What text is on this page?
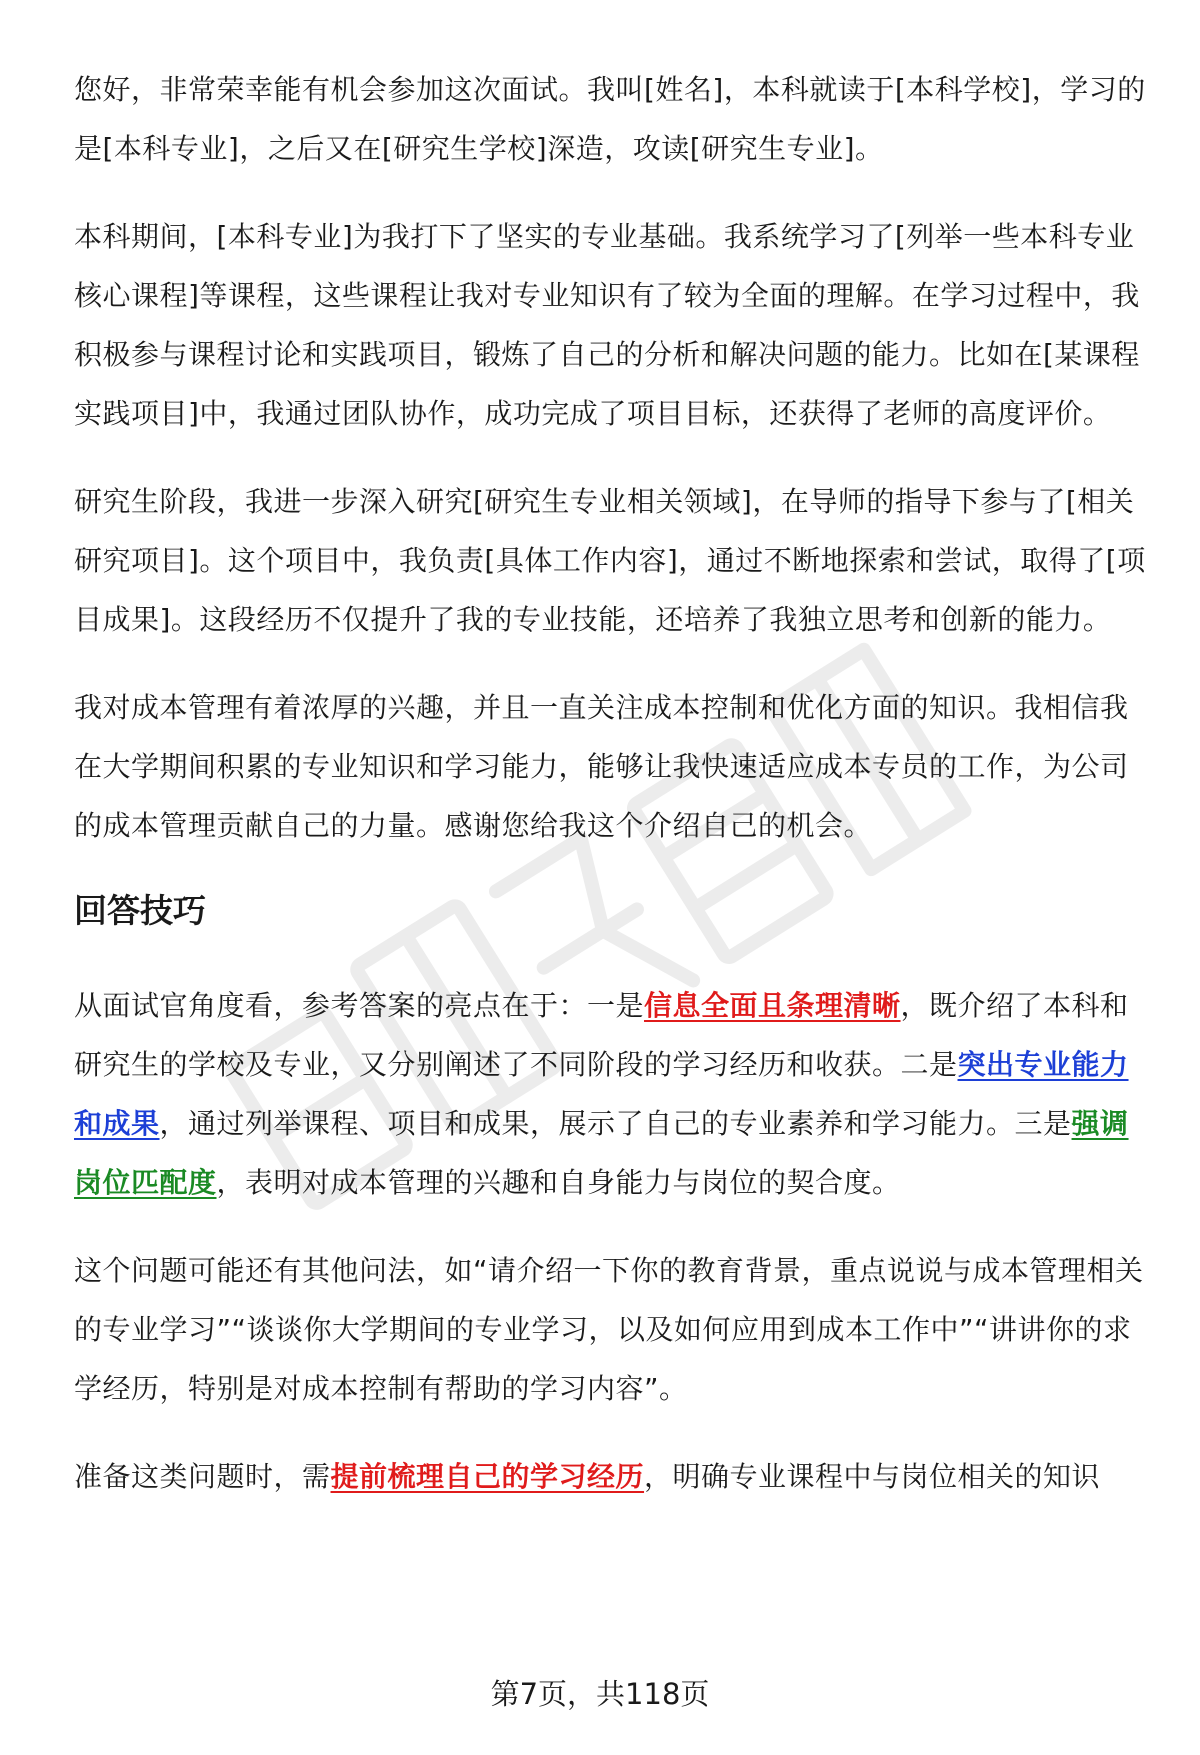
您好，非常荣幸能有机会参加这次面试。我叫[姓名]，本科就读于[本科学校]，学习的是[本科专业]，之后又在[研究生学校]深造，攻读[研究生专业]。

本科期间，[本科专业]为我打下了坚实的专业基础。我系统学习了[列举一些本科专业核心课程]等课程，这些课程让我对专业知识有了较为全面的理解。在学习过程中，我积极参与课程讨论和实践项目，锻炼了自己的分析和解决问题的能力。比如在[某课程实践项目]中，我通过团队协作，成功完成了项目目标，还获得了老师的高度评价。

研究生阶段，我进一步深入研究[研究生专业相关领域]，在导师的指导下参与了[相关研究项目]。这个项目中，我负责[具体工作内容]，通过不断地探索和尝试，取得了[项目成果]。这段经历不仅提升了我的专业技能，还培养了我独立思考和创新的能力。

我对成本管理有着浓厚的兴趣，并且一直关注成本控制和优化方面的知识。我相信我在大学期间积累的专业知识和学习能力，能够让我快速适应成本专员的工作，为公司的成本管理贡献自己的力量。感谢您给我这个介绍自己的机会。

回答技巧

从面试官角度看，参考答案的亮点在于：一是信息全面且条理清晰，既介绍了本科和研究生的学校及专业，又分别阐述了不同阶段的学习经历和收获。二是突出专业能力和成果，通过列举课程、项目和成果，展示了自己的专业素养和学习能力。三是强调岗位匹配度，表明对成本管理的兴趣和自身能力与岗位的契合度。

这个问题可能还有其他问法，如“请介绍一下你的教育背景，重点说说与成本管理相关的专业学习”“谈谈你大学期间的专业学习，以及如何应用到成本工作中”“讲讲你的求学经历，特别是对成本控制有帮助的学习内容”。

准备这类问题时，需提前梳理自己的学习经历，明确专业课程中与岗位相关的知识

第7页，共118页
